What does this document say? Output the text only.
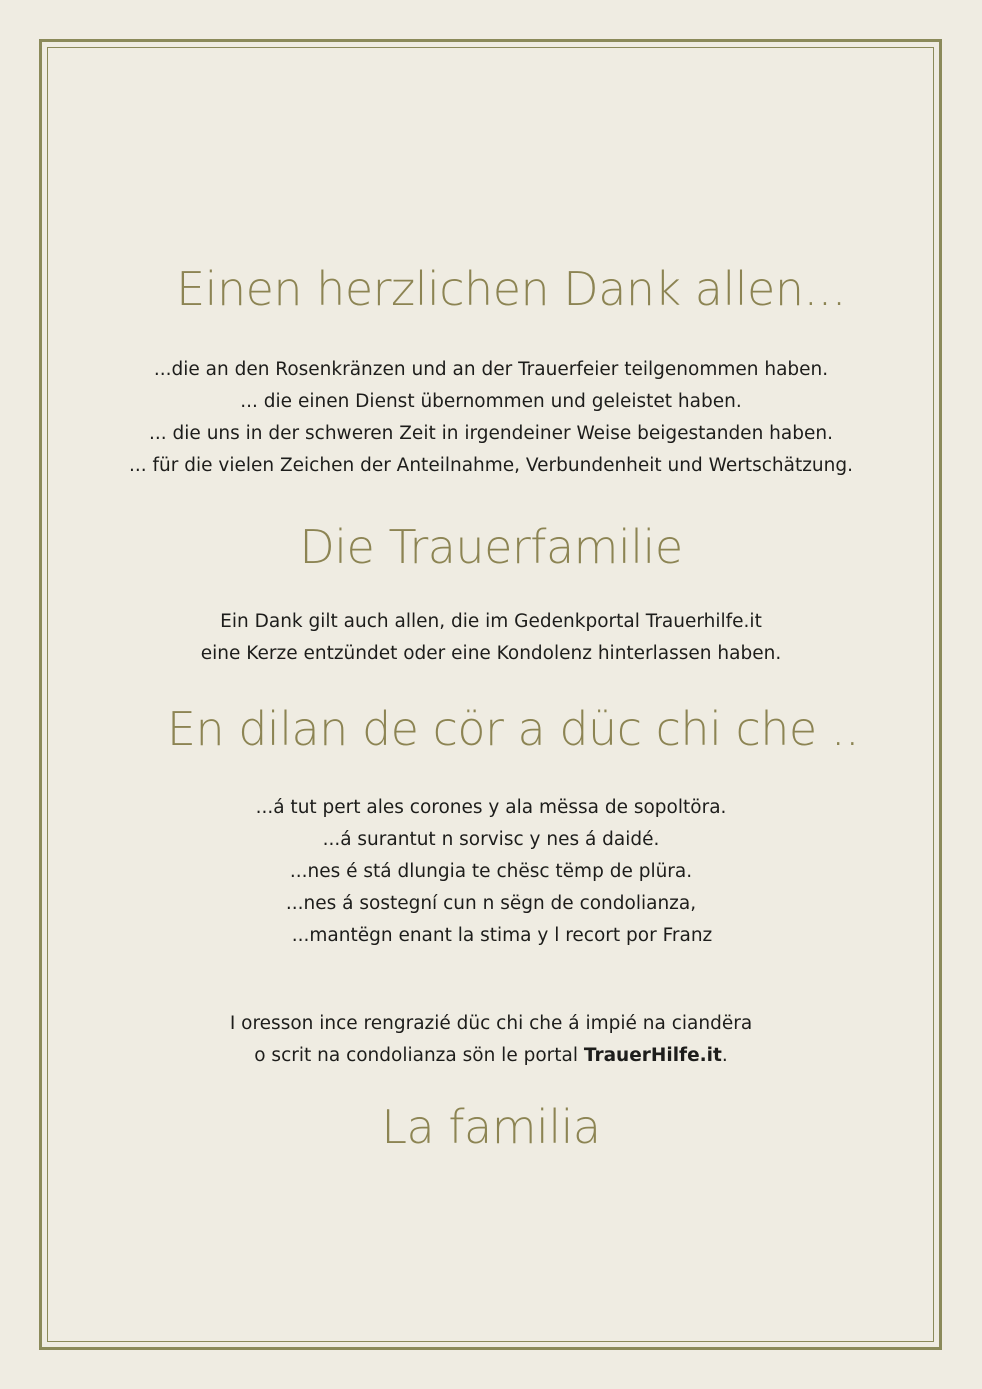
Einen herzlichen Dank allen...
...die an den Rosenkränzen und an der Trauerfeier teilgenommen haben.
... die einen Dienst übernommen und geleistet haben.
... die uns in der schweren Zeit in irgendeiner Weise beigestanden haben.
... für die vielen Zeichen der Anteilnahme, Verbundenheit und Wertschätzung.
Die Trauerfamilie
Ein Dank gilt auch allen, die im Gedenkportal Trauerhilfe.it
eine Kerze entzündet oder eine Kondolenz hinterlassen haben.
En dilan de cör a düc chi che ..
...á tut pert ales corones y ala mëssa de sopoltöra.
...á surantut n sorvisc y nes á daidé.
...nes é stá dlungia te chësc tëmp de plüra.
...nes á sostegní cun n sëgn de condolianza,
...mantëgn enant la stima y l recort por Franz
I oresson ince rengrazié düc chi che á impié na ciandëra
o scrit na condolianza sön le portal TrauerHilfe.it.
La familia
